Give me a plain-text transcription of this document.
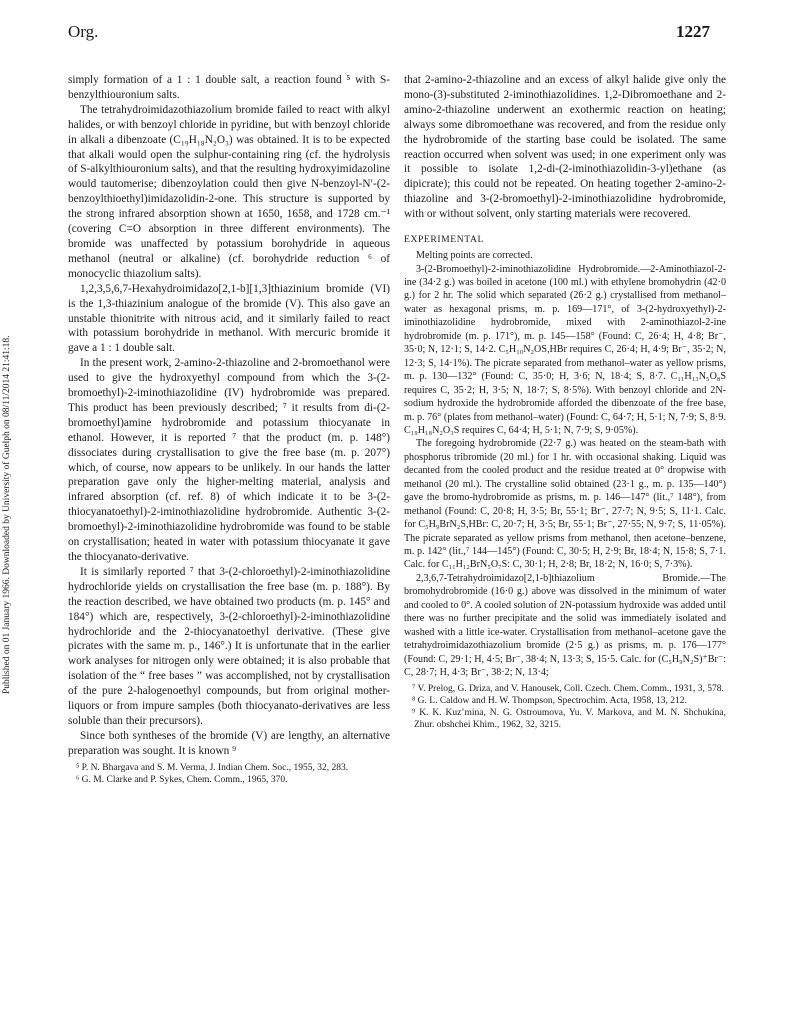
Org.	1227
Published on 01 January 1966. Downloaded by University of Guelph on 08/11/2014 21:41:18.

simply formation of a 1 : 1 double salt, a reaction found ⁵ with S-benzylthiouronium salts.

The tetrahydroimidazothiazolium bromide failed to react with alkyl halides, or with benzoyl chloride in pyridine, but with benzoyl chloride in alkali a dibenzoate (C₁₉H₁₈N₂O₃) was obtained. It is to be expected that alkali would open the sulphur-containing ring (cf. the hydrolysis of S-alkylthiouronium salts), and that the resulting hydroxyimidazoline would tautomerise; dibenzoylation could then give N-benzoyl-N′-(2-benzoylthioethyl)imidazolidin-2-one. This structure is supported by the strong infrared absorption shown at 1650, 1658, and 1728 cm.⁻¹ (covering C=O absorption in three different environments). The bromide was unaffected by potassium borohydride in aqueous methanol (neutral or alkaline) (cf. borohydride reduction ⁶ of monocyclic thiazolium salts).

1,2,3,5,6,7-Hexahydroimidazo[2,1-b][1,3]thiazinium bromide (VI) is the 1,3-thiazinium analogue of the bromide (V). This also gave an unstable thionitrite with nitrous acid, and it similarly failed to react with potassium borohydride in methanol. With mercuric bromide it gave a 1 : 1 double salt.

In the present work, 2-amino-2-thiazoline and 2-bromoethanol were used to give the hydroxyethyl compound from which the 3-(2-bromoethyl)-2-iminothiazolidine (IV) hydrobromide was prepared. This product has been previously described; ⁷ it results from di-(2-bromoethyl)amine hydrobromide and potassium thiocyanate in ethanol. However, it is reported ⁷ that the product (m. p. 148°) dissociates during crystallisation to give the free base (m. p. 207°) which, of course, now appears to be unlikely. In our hands the latter preparation gave only the higher-melting material, analysis and infrared absorption (cf. ref. 8) of which indicate it to be 3-(2-thiocyanatoethyl)-2-iminothiazolidine hydrobromide. Authentic 3-(2-bromoethyl)-2-iminothiazolidine hydrobromide was found to be stable on crystallisation; heated in water with potassium thiocyanate it gave the thiocyanato-derivative.

It is similarly reported ⁷ that 3-(2-chloroethyl)-2-iminothiazolidine hydrochloride yields on crystallisation the free base (m. p. 188°). By the reaction described, we have obtained two products (m. p. 145° and 184°) which are, respectively, 3-(2-chloroethyl)-2-iminothiazolidine hydrochloride and the 2-thiocyanatoethyl derivative. (These give picrates with the same m. p., 146°.) It is unfortunate that in the earlier work analyses for nitrogen only were obtained; it is also probable that isolation of the “ free bases ” was accomplished, not by crystallisation of the pure 2-halogenoethyl compounds, but from original mother-liquors or from impure samples (both thiocyanato-derivatives are less soluble than their precursors).

Since both syntheses of the bromide (V) are lengthy, an alternative preparation was sought. It is known ⁹

⁵ P. N. Bhargava and S. M. Verma, J. Indian Chem. Soc., 1955, 32, 283.

⁶ G. M. Clarke and P. Sykes, Chem. Comm., 1965, 370.

that 2-amino-2-thiazoline and an excess of alkyl halide give only the mono-(3)-substituted 2-iminothiazolidines. 1,2-Dibromoethane and 2-amino-2-thiazoline underwent an exothermic reaction on heating; always some dibromoethane was recovered, and from the residue only the hydrobromide of the starting base could be isolated. The same reaction occurred when solvent was used; in one experiment only was it possible to isolate 1,2-di-(2-iminothiazolidin-3-yl)ethane (as dipicrate); this could not be repeated. On heating together 2-amino-2-thiazoline and 3-(2-bromoethyl)-2-iminothiazolidine hydrobromide, with or without solvent, only starting materials were recovered.

EXPERIMENTAL

Melting points are corrected.

3-(2-Bromoethyl)-2-iminothiazolidine Hydrobromide.—2-Aminothiazol-2-ine (34·2 g.) was boiled in acetone (100 ml.) with ethylene bromohydrin (42·0 g.) for 2 hr. The solid which separated (26·2 g.) crystallised from methanol–water as hexagonal prisms, m. p. 169—171°, of 3-(2-hydroxyethyl)-2-iminothiazolidine hydrobromide, mixed with 2-aminothiazol-2-ine hydrobromide (m. p. 171°), m. p. 145—158° (Found: C, 26·4; H, 4·8; Br⁻, 35·0; N, 12·1; S, 14·2. C₅H₁₀N₂OS,HBr requires C, 26·4; H, 4·9; Br⁻, 35·2; N, 12·3; S, 14·1%). The picrate separated from methanol–water as yellow prisms, m. p. 130—132° (Found: C, 35·0; H, 3·6; N, 18·4; S, 8·7. C₁₁H₁₃N₅O₈S requires C, 35·2; H, 3·5; N, 18·7; S, 8·5%). With benzoyl chloride and 2N-sodium hydroxide the hydrobromide afforded the dibenzoate of the free base, m. p. 76° (plates from methanol–water) (Found: C, 64·7; H, 5·1; N, 7·9; S, 8·9. C₁₉H₁₈N₂O₃S requires C, 64·4; H, 5·1; N, 7·9; S, 9·05%).

The foregoing hydrobromide (22·7 g.) was heated on the steam-bath with phosphorus tribromide (20 ml.) for 1 hr. with occasional shaking. Liquid was decanted from the cooled product and the residue treated at 0° dropwise with methanol (20 ml.). The crystalline solid obtained (23·1 g., m. p. 135—140°) gave the bromo-hydrobromide as prisms, m. p. 146—147° (lit.,⁷ 148°), from methanol (Found: C, 20·8; H, 3·5; Br, 55·1; Br⁻, 27·7; N, 9·5; S, 11·1. Calc. for C₅H₉BrN₂S,HBr: C, 20·7; H, 3·5; Br, 55·1; Br⁻, 27·55; N, 9·7; S, 11·05%). The picrate separated as yellow prisms from methanol, then acetone–benzene, m. p. 142° (lit.,⁷ 144—145°) (Found: C, 30·5; H, 2·9; Br, 18·4; N, 15·8; S, 7·1. Calc. for C₁₁H₁₂BrN₅O₇S: C, 30·1; H, 2·8; Br, 18·2; N, 16·0; S, 7·3%).

2,3,6,7-Tetrahydroimidazo[2,1-b]thiazolium Bromide.—The bromohydrobromide (16·0 g.) above was dissolved in the minimum of water and cooled to 0°. A cooled solution of 2N-potassium hydroxide was added until there was no further precipitate and the solid was immediately isolated and washed with a little ice-water. Crystallisation from methanol–acetone gave the tetrahydroimidazothiazolium bromide (2·5 g.) as prisms, m. p. 176—177° (Found: C, 29·1; H, 4·5; Br⁻, 38·4; N, 13·3; S, 15·5. Calc. for (C₅H₉N₂S)⁺Br⁻: C, 28·7; H, 4·3; Br⁻, 38·2; N, 13·4;

⁷ V. Prelog, G. Driza, and V. Hanousek, Coll. Czech. Chem. Comm., 1931, 3, 578.

⁸ G. L. Caldow and H. W. Thompson, Spectrochim. Acta, 1958, 13, 212.

⁹ K. K. Kuz’mina, N. G. Ostroumova, Yu. V. Markova, and M. N. Shchukina, Zhur. obshchei Khim., 1962, 32, 3215.
